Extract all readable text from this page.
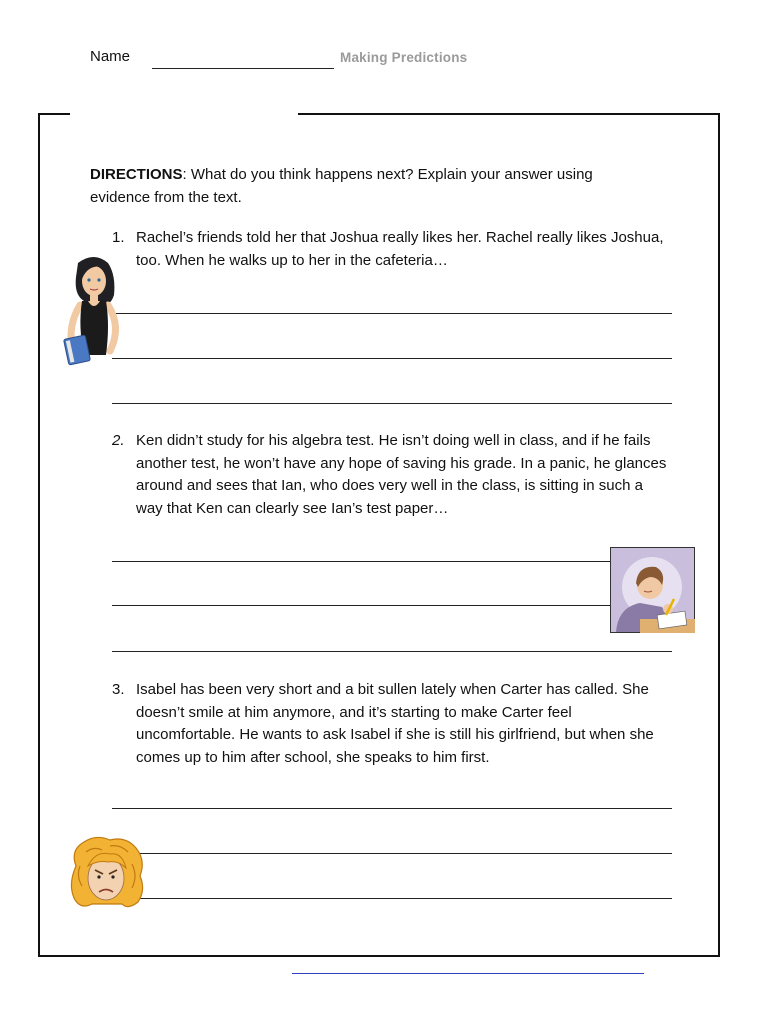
Name	Making Predictions
DIRECTIONS: What do you think happens next? Explain your answer using evidence from the text.
1. Rachel’s friends told her that Joshua really likes her. Rachel really likes Joshua, too. When he walks up to her in the cafeteria…
2. Ken didn’t study for his algebra test. He isn’t doing well in class, and if he fails another test, he won’t have any hope of saving his grade. In a panic, he glances around and sees that Ian, who does very well in the class, is sitting in such a way that Ken can clearly see Ian’s test paper…
3. Isabel has been very short and a bit sullen lately when Carter has called. She doesn’t smile at him anymore, and it’s starting to make Carter feel uncomfortable. He wants to ask Isabel if she is still his girlfriend, but when she comes up to him after school, she speaks to him first.
